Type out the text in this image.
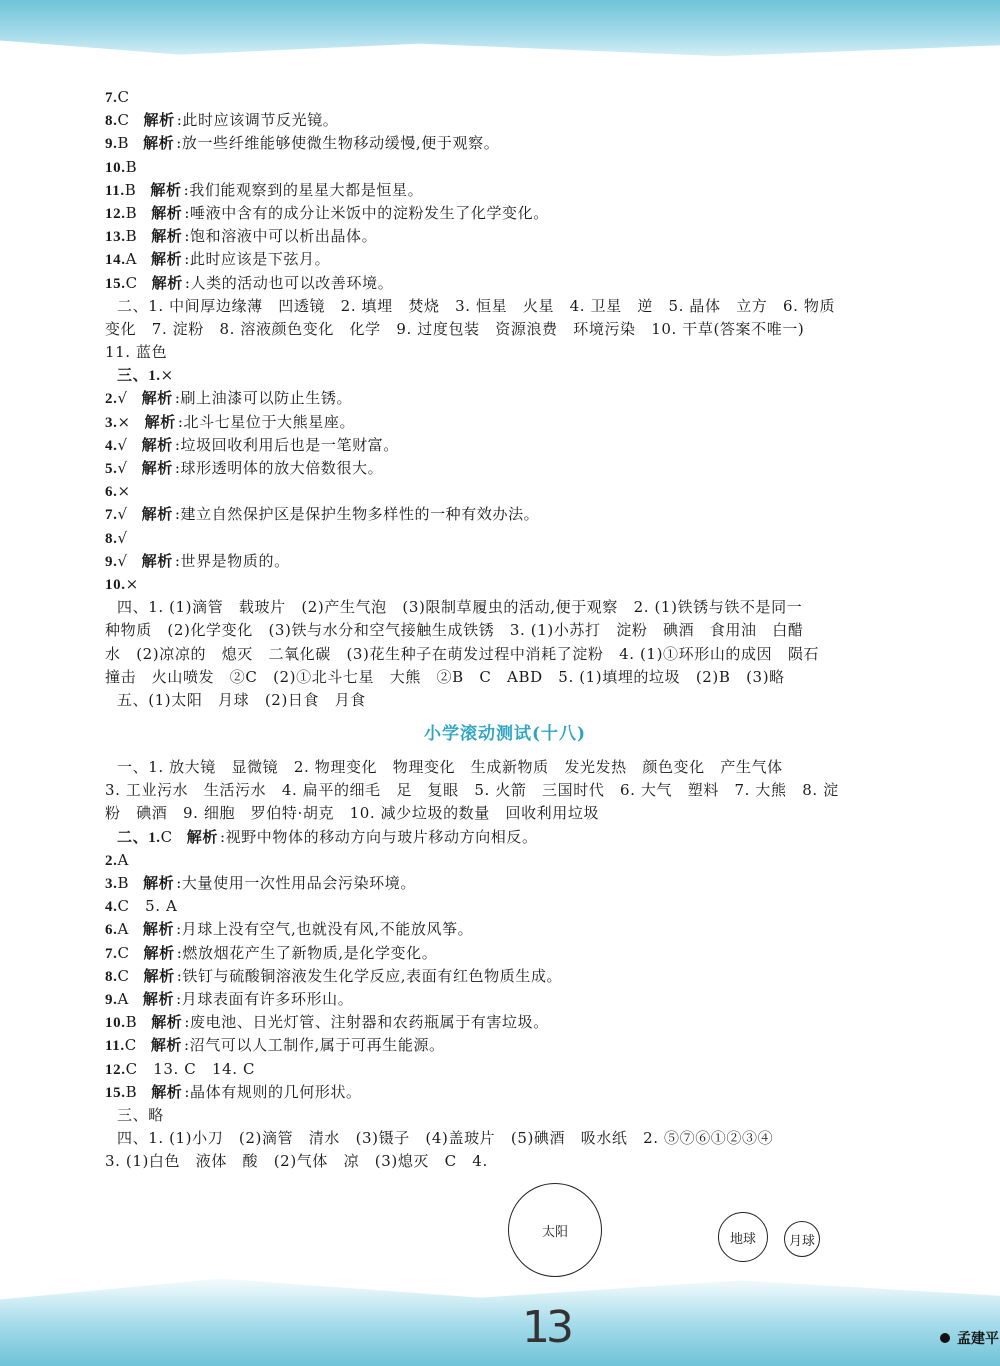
7.C
8.C 解析 :此时应该调节反光镜。
9.B 解析 :放一些纤维能够使微生物移动缓慢,便于观察。
10.B
11.B 解析 :我们能观察到的星星大都是恒星。
12.B 解析 :唾液中含有的成分让米饭中的淀粉发生了化学变化。
13.B 解析 :饱和溶液中可以析出晶体。
14.A 解析 :此时应该是下弦月。
15.C 解析 :人类的活动也可以改善环境。
二、1. 中间厚边缘薄　凹透镜　2. 填埋　焚烧　3. 恒星　火星　4. 卫星　逆　5. 晶体　立方　6. 物质
变化　7. 淀粉　8. 溶液颜色变化　化学　9. 过度包装　资源浪费　环境污染　10. 干草(答案不唯一)
11. 蓝色
三、1.×
2.√ 解析 :刷上油漆可以防止生锈。
3.× 解析 :北斗七星位于大熊星座。
4.√ 解析 :垃圾回收利用后也是一笔财富。
5.√ 解析 :球形透明体的放大倍数很大。
6.×
7.√ 解析 :建立自然保护区是保护生物多样性的一种有效办法。
8.√
9.√ 解析 :世界是物质的。
10.×
四、1. (1)滴管　载玻片　(2)产生气泡　(3)限制草履虫的活动,便于观察　2. (1)铁锈与铁不是同一
种物质　(2)化学变化　(3)铁与水分和空气接触生成铁锈　3. (1)小苏打　淀粉　碘酒　食用油　白醋
水　(2)凉凉的　熄灭　二氧化碳　(3)花生种子在萌发过程中消耗了淀粉　4. (1)①环形山的成因　陨石
撞击　火山喷发　②C　(2)①北斗七星　大熊　②B　C　ABD　5. (1)填埋的垃圾　(2)B　(3)略
五、(1)太阳　月球　(2)日食　月食
小学滚动测试(十八)
一、1. 放大镜　显微镜　2. 物理变化　物理变化　生成新物质　发光发热　颜色变化　产生气体
3. 工业污水　生活污水　4. 扁平的细毛　足　复眼　5. 火箭　三国时代　6. 大气　塑料　7. 大熊　8. 淀
粉　碘酒　9. 细胞　罗伯特·胡克　10. 减少垃圾的数量　回收利用垃圾
二、1.C 解析 :视野中物体的移动方向与玻片移动方向相反。
2.A
3.B 解析 :大量使用一次性用品会污染环境。
4.C　5. A
6.A 解析 :月球上没有空气,也就没有风,不能放风筝。
7.C 解析 :燃放烟花产生了新物质,是化学变化。
8.C 解析 :铁钉与硫酸铜溶液发生化学反应,表面有红色物质生成。
9.A 解析 :月球表面有许多环形山。
10.B 解析 :废电池、日光灯管、注射器和农药瓶属于有害垃圾。
11.C 解析 :沼气可以人工制作,属于可再生能源。
12.C　13. C　14. C
15.B 解析 :晶体有规则的几何形状。
三、略
四、1. (1)小刀　(2)滴管　清水　(3)镊子　(4)盖玻片　(5)碘酒　吸水纸　2. ⑤⑦⑥①②③④
3. (1)白色　液体　酸　(2)气体　凉　(3)熄灭　C　4.
太阳	地球	月球
13	孟建平
